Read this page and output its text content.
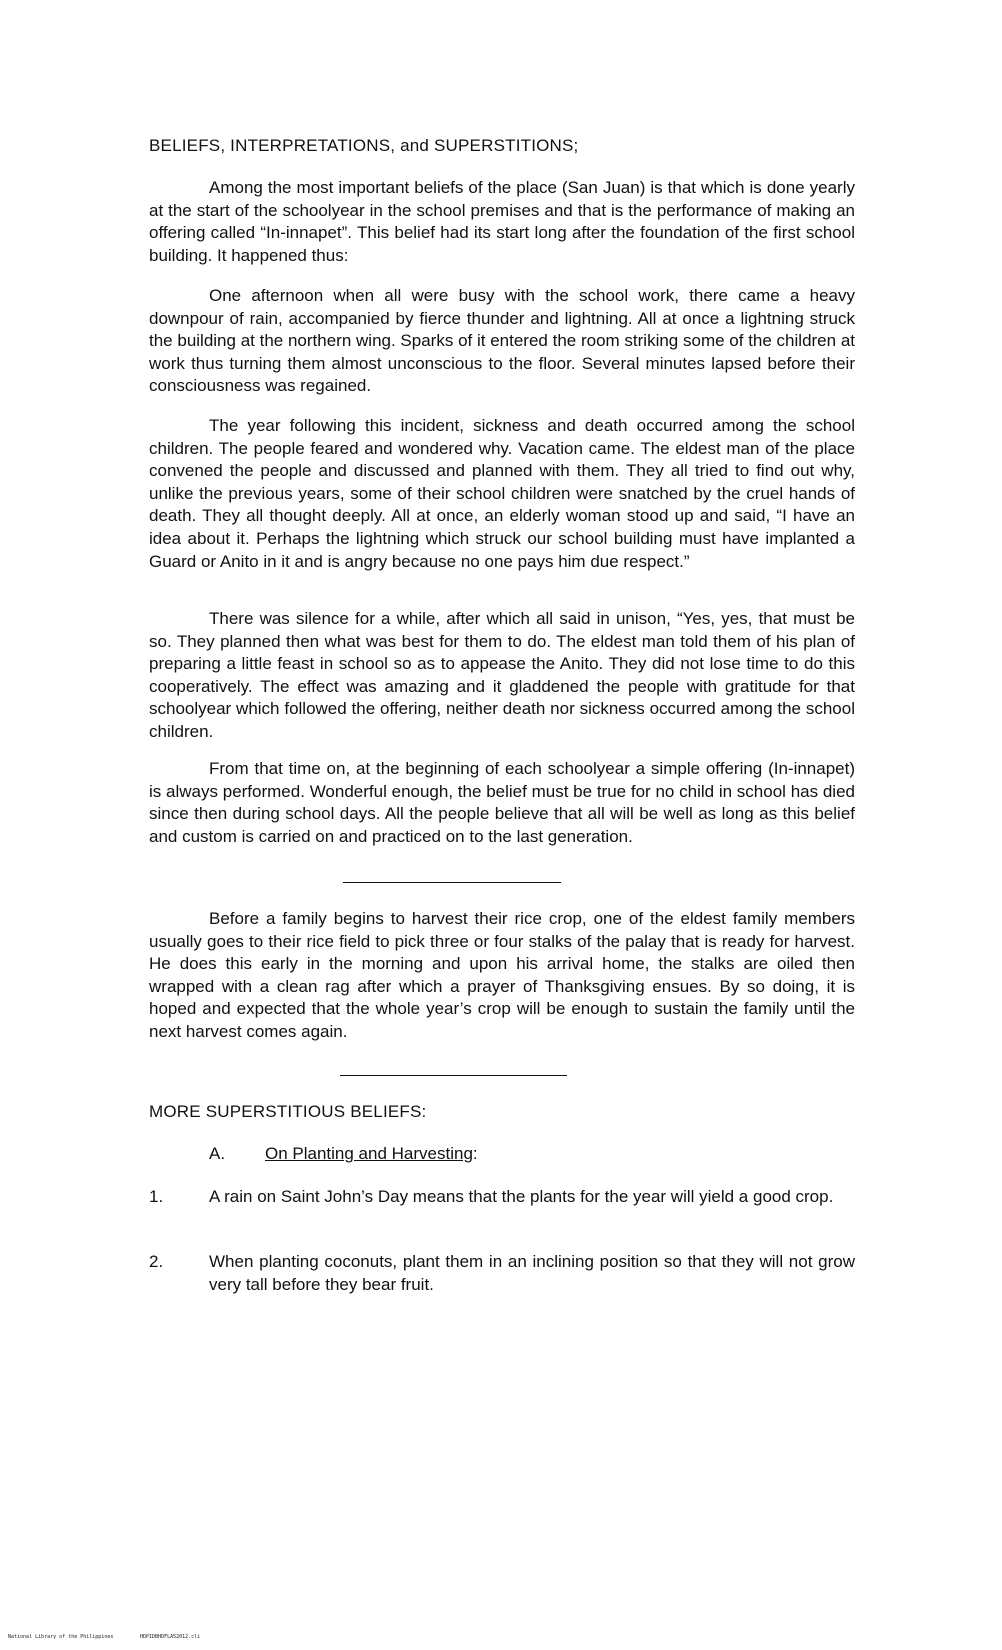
BELIEFS, INTERPRETATIONS, and SUPERSTITIONS;

Among the most important beliefs of the place (San Juan) is that which is done yearly at the start of the schoolyear in the school premises and that is the performance of making an offering called “In-innapet”. This belief had its start long after the foundation of the first school building. It happened thus:

One afternoon when all were busy with the school work, there came a heavy downpour of rain, accompanied by fierce thunder and lightning. All at once a lightning struck the building at the northern wing. Sparks of it entered the room striking some of the children at work thus turning them almost unconscious to the floor. Several minutes lapsed before their consciousness was regained.

The year following this incident, sickness and death occurred among the school children. The people feared and wondered why. Vacation came. The eldest man of the place convened the people and discussed and planned with them. They all tried to find out why, unlike the previous years, some of their school children were snatched by the cruel hands of death. They all thought deeply. All at once, an elderly woman stood up and said, “I have an idea about it. Perhaps the lightning which struck our school building must have implanted a Guard or Anito in it and is angry because no one pays him due respect.”

There was silence for a while, after which all said in unison, “Yes, yes, that must be so. They planned then what was best for them to do. The eldest man told them of his plan of preparing a little feast in school so as to appease the Anito. They did not lose time to do this cooperatively. The effect was amazing and it gladdened the people with gratitude for that schoolyear which followed the offering, neither death nor sickness occurred among the school children.

From that time on, at the beginning of each schoolyear a simple offering (In-innapet) is always performed. Wonderful enough, the belief must be true for no child in school has died since then during school days. All the people believe that all will be well as long as this belief and custom is carried on and practiced on to the last generation.

Before a family begins to harvest their rice crop, one of the eldest family members usually goes to their rice field to pick three or four stalks of the palay that is ready for harvest. He does this early in the morning and upon his arrival home, the stalks are oiled then wrapped with a clean rag after which a prayer of Thanksgiving ensues. By so doing, it is hoped and expected that the whole year’s crop will be enough to sustain the family until the next harvest comes again.

MORE SUPERSTITIOUS BELIEFS:
A. On Planting and Harvesting:
1.	A rain on Saint John’s Day means that the plants for the year will yield a good crop.
2.	When planting coconuts, plant them in an inclining position so that they will not grow very tall before they bear fruit.
National Library of the Philippines	HDPIDBHDFLA52012.cli
